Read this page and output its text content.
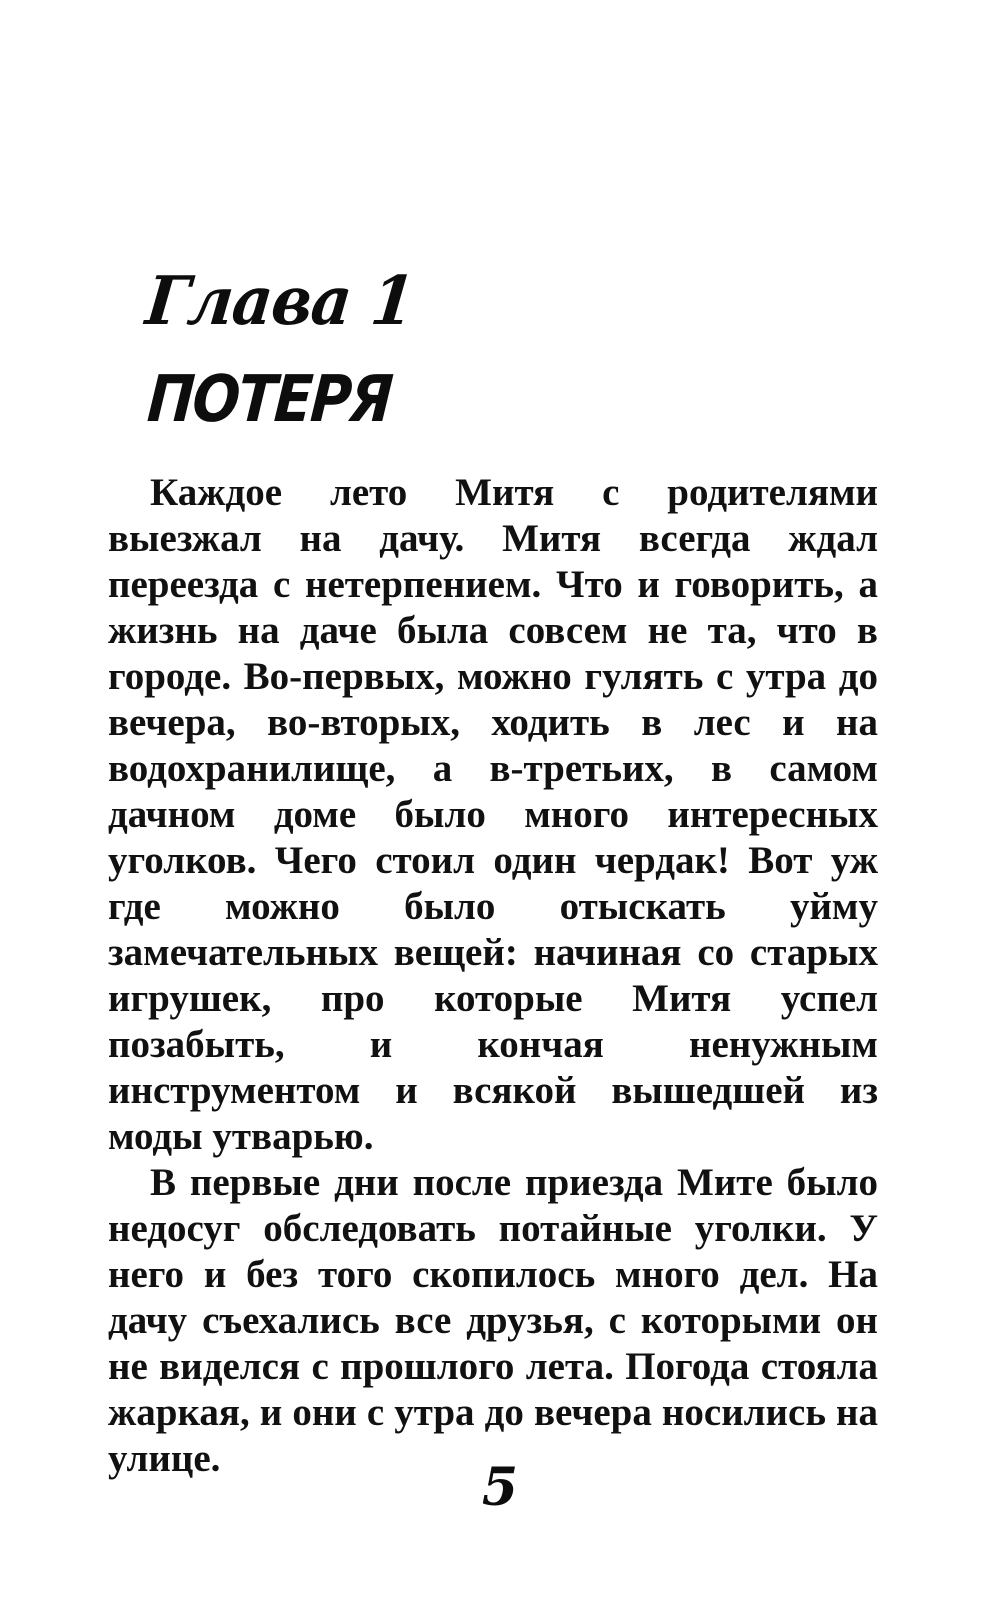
Глава 1
ПОТЕРЯ

Каждое лето Митя с родителями выезжал на дачу. Митя всегда ждал переезда с нетерпением. Что и говорить, а жизнь на даче была совсем не та, что в городе. Во-первых, можно гулять с утра до вечера, во-вторых, ходить в лес и на водохранилище, а в-третьих, в самом дачном доме было много интересных уголков. Чего стоил один чердак! Вот уж где можно было отыскать уйму замечательных вещей: начиная со старых игрушек, про которые Митя успел позабыть, и кончая ненужным инструментом и всякой вышедшей из моды утварью.

В первые дни после приезда Мите было недосуг обследовать потайные уголки. У него и без того скопилось много дел. На дачу съехались все друзья, с которыми он не виделся с прошлого лета. Погода стояла жаркая, и они с утра до вечера носились на улице.	5
